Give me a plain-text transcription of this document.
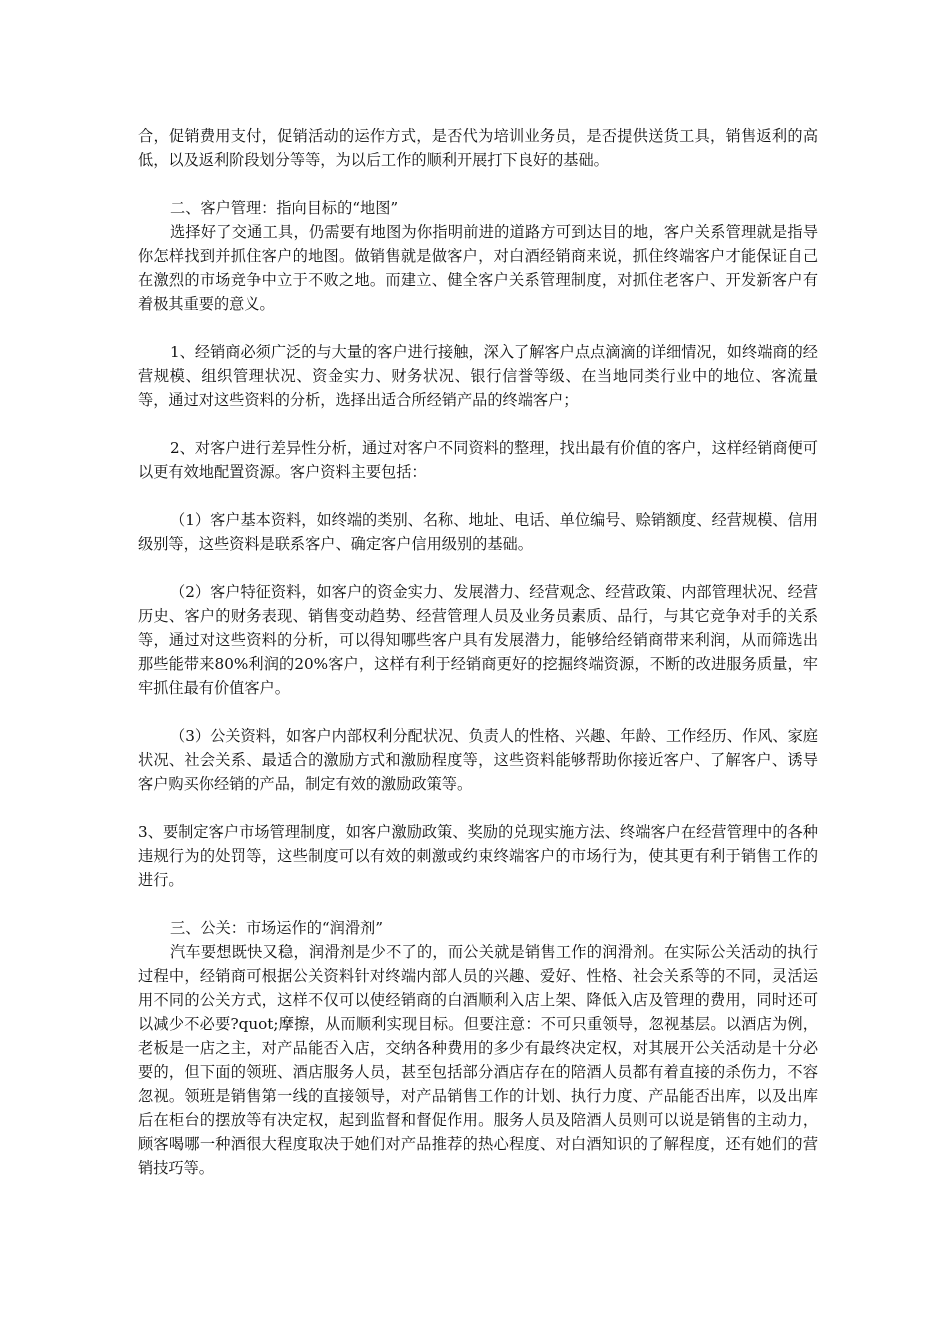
合，促销费用支付，促销活动的运作方式，是否代为培训业务员，是否提供送货工具，销售返利的高低，以及返利阶段划分等等，为以后工作的顺利开展打下良好的基础。

二、客户管理：指向目标的“地图”

选择好了交通工具，仍需要有地图为你指明前进的道路方可到达目的地，客户关系管理就是指导你怎样找到并抓住客户的地图。做销售就是做客户，对白酒经销商来说，抓住终端客户才能保证自己在激烈的市场竞争中立于不败之地。而建立、健全客户关系管理制度，对抓住老客户、开发新客户有着极其重要的意义。

1、经销商必须广泛的与大量的客户进行接触，深入了解客户点点滴滴的详细情况，如终端商的经营规模、组织管理状况、资金实力、财务状况、银行信誉等级、在当地同类行业中的地位、客流量等，通过对这些资料的分析，选择出适合所经销产品的终端客户；

2、对客户进行差异性分析，通过对客户不同资料的整理，找出最有价值的客户，这样经销商便可以更有效地配置资源。客户资料主要包括：

（1）客户基本资料，如终端的类别、名称、地址、电话、单位编号、赊销额度、经营规模、信用级别等，这些资料是联系客户、确定客户信用级别的基础。

（2）客户特征资料，如客户的资金实力、发展潜力、经营观念、经营政策、内部管理状况、经营历史、客户的财务表现、销售变动趋势、经营管理人员及业务员素质、品行，与其它竞争对手的关系等，通过对这些资料的分析，可以得知哪些客户具有发展潜力，能够给经销商带来利润，从而筛选出那些能带来80%利润的20%客户，这样有利于经销商更好的挖掘终端资源，不断的改进服务质量，牢牢抓住最有价值客户。

（3）公关资料，如客户内部权利分配状况、负责人的性格、兴趣、年龄、工作经历、作风、家庭状况、社会关系、最适合的激励方式和激励程度等，这些资料能够帮助你接近客户、了解客户、诱导客户购买你经销的产品，制定有效的激励政策等。

3、要制定客户市场管理制度，如客户激励政策、奖励的兑现实施方法、终端客户在经营管理中的各种违规行为的处罚等，这些制度可以有效的刺激或约束终端客户的市场行为，使其更有利于销售工作的进行。

三、公关：市场运作的“润滑剂”

汽车要想既快又稳，润滑剂是少不了的，而公关就是销售工作的润滑剂。在实际公关活动的执行过程中，经销商可根据公关资料针对终端内部人员的兴趣、爱好、性格、社会关系等的不同，灵活运用不同的公关方式，这样不仅可以使经销商的白酒顺利入店上架、降低入店及管理的费用，同时还可以减少不必要?quot;摩擦，从而顺利实现目标。但要注意：不可只重领导，忽视基层。以酒店为例，老板是一店之主，对产品能否入店，交纳各种费用的多少有最终决定权，对其展开公关活动是十分必要的，但下面的领班、酒店服务人员，甚至包括部分酒店存在的陪酒人员都有着直接的杀伤力，不容忽视。领班是销售第一线的直接领导，对产品销售工作的计划、执行力度、产品能否出库，以及出库后在柜台的摆放等有决定权，起到监督和督促作用。服务人员及陪酒人员则可以说是销售的主动力，顾客喝哪一种酒很大程度取决于她们对产品推荐的热心程度、对白酒知识的了解程度，还有她们的营销技巧等。
